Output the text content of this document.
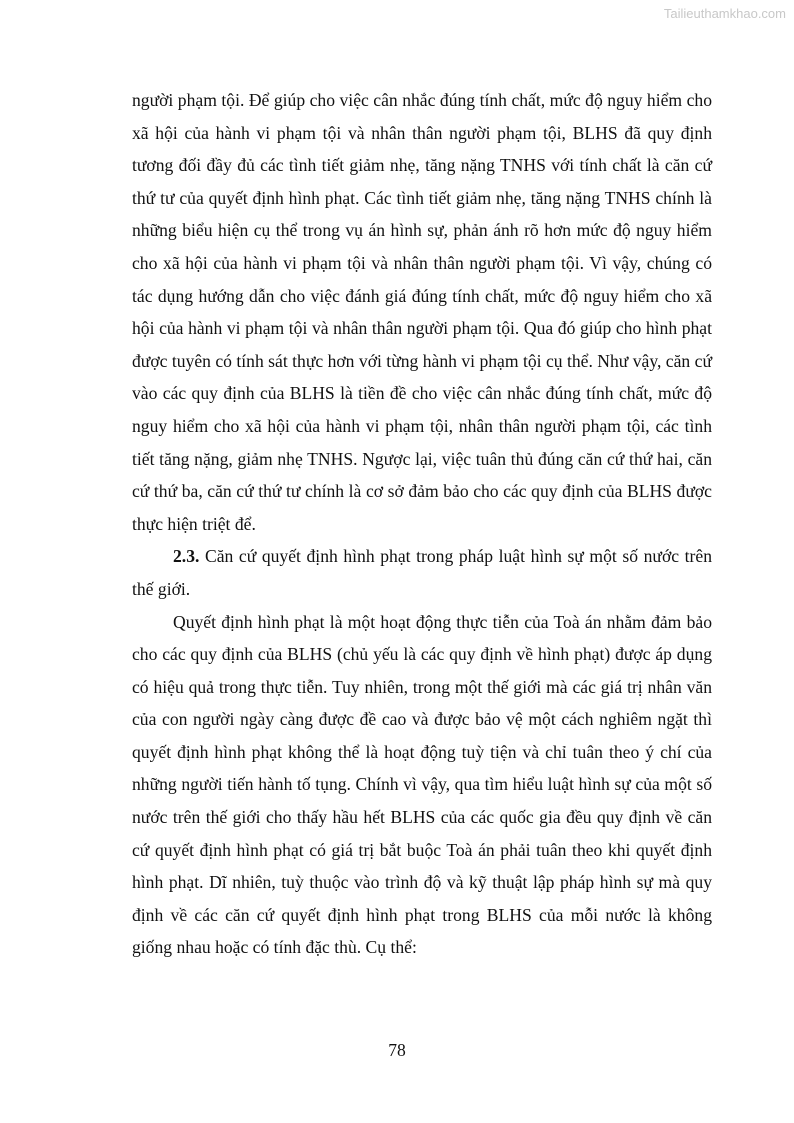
Tailieuthamkhao.com

người phạm tội. Để giúp cho việc cân nhắc đúng tính chất, mức độ nguy hiểm cho xã hội của hành vi phạm tội và nhân thân người phạm tội, BLHS đã quy định tương đối đầy đủ các tình tiết giảm nhẹ, tăng nặng TNHS với tính chất là căn cứ thứ tư của quyết định hình phạt. Các tình tiết giảm nhẹ, tăng nặng TNHS chính là những biểu hiện cụ thể trong vụ án hình sự, phản ánh rõ hơn mức độ nguy hiểm cho xã hội của hành vi phạm tội và nhân thân người phạm tội. Vì vậy, chúng có tác dụng hướng dẫn cho việc đánh giá đúng tính chất, mức độ nguy hiểm cho xã hội của hành vi phạm tội và nhân thân người phạm tội. Qua đó giúp cho hình phạt được tuyên có tính sát thực hơn với từng hành vi phạm tội cụ thể. Như vậy, căn cứ vào các quy định của BLHS là tiền đề cho việc cân nhắc đúng tính chất, mức độ nguy hiểm cho xã hội của hành vi phạm tội, nhân thân người phạm tội, các tình tiết tăng nặng, giảm nhẹ TNHS. Ngược lại, việc tuân thủ đúng căn cứ thứ hai, căn cứ thứ ba, căn cứ thứ tư chính là cơ sở đảm bảo cho các quy định của BLHS được thực hiện triệt để.

2.3. Căn cứ quyết định hình phạt trong pháp luật hình sự một số nước trên thế giới.

Quyết định hình phạt là một hoạt động thực tiễn của Toà án nhằm đảm bảo cho các quy định của BLHS (chủ yếu là các quy định về hình phạt) được áp dụng có hiệu quả trong thực tiễn. Tuy nhiên, trong một thế giới mà các giá trị nhân văn của con người ngày càng được đề cao và được bảo vệ một cách nghiêm ngặt thì quyết định hình phạt không thể là hoạt động tuỳ tiện và chỉ tuân theo ý chí của những người tiến hành tố tụng. Chính vì vậy, qua tìm hiểu luật hình sự của một số nước trên thế giới cho thấy hầu hết BLHS của các quốc gia đều quy định về căn cứ quyết định hình phạt có giá trị bắt buộc Toà án phải tuân theo khi quyết định hình phạt. Dĩ nhiên, tuỳ thuộc vào trình độ và kỹ thuật lập pháp hình sự mà quy định về các căn cứ quyết định hình phạt trong BLHS của mỗi nước là không giống nhau hoặc có tính đặc thù. Cụ thể:

78
